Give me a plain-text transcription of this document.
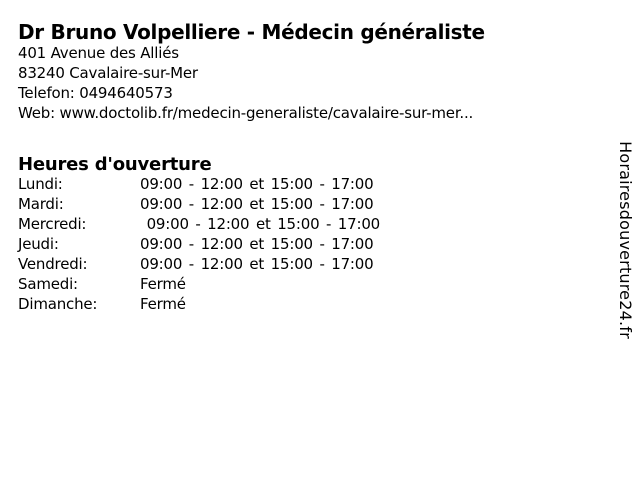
Dr Bruno Volpelliere - Médecin généraliste
401 Avenue des Alliés
83240 Cavalaire-sur-Mer
Telefon: 0494640573
Web: www.doctolib.fr/medecin-generaliste/cavalaire-sur-mer...
Heures d'ouverture
Lundi:	09:00 - 12:00 et 15:00 - 17:00
Mardi:	09:00 - 12:00 et 15:00 - 17:00
Mercredi:	09:00 - 12:00 et 15:00 - 17:00
Jeudi:	09:00 - 12:00 et 15:00 - 17:00
Vendredi:	09:00 - 12:00 et 15:00 - 17:00
Samedi:	Fermé
Dimanche:	Fermé	Horairesdouverture24.fr
